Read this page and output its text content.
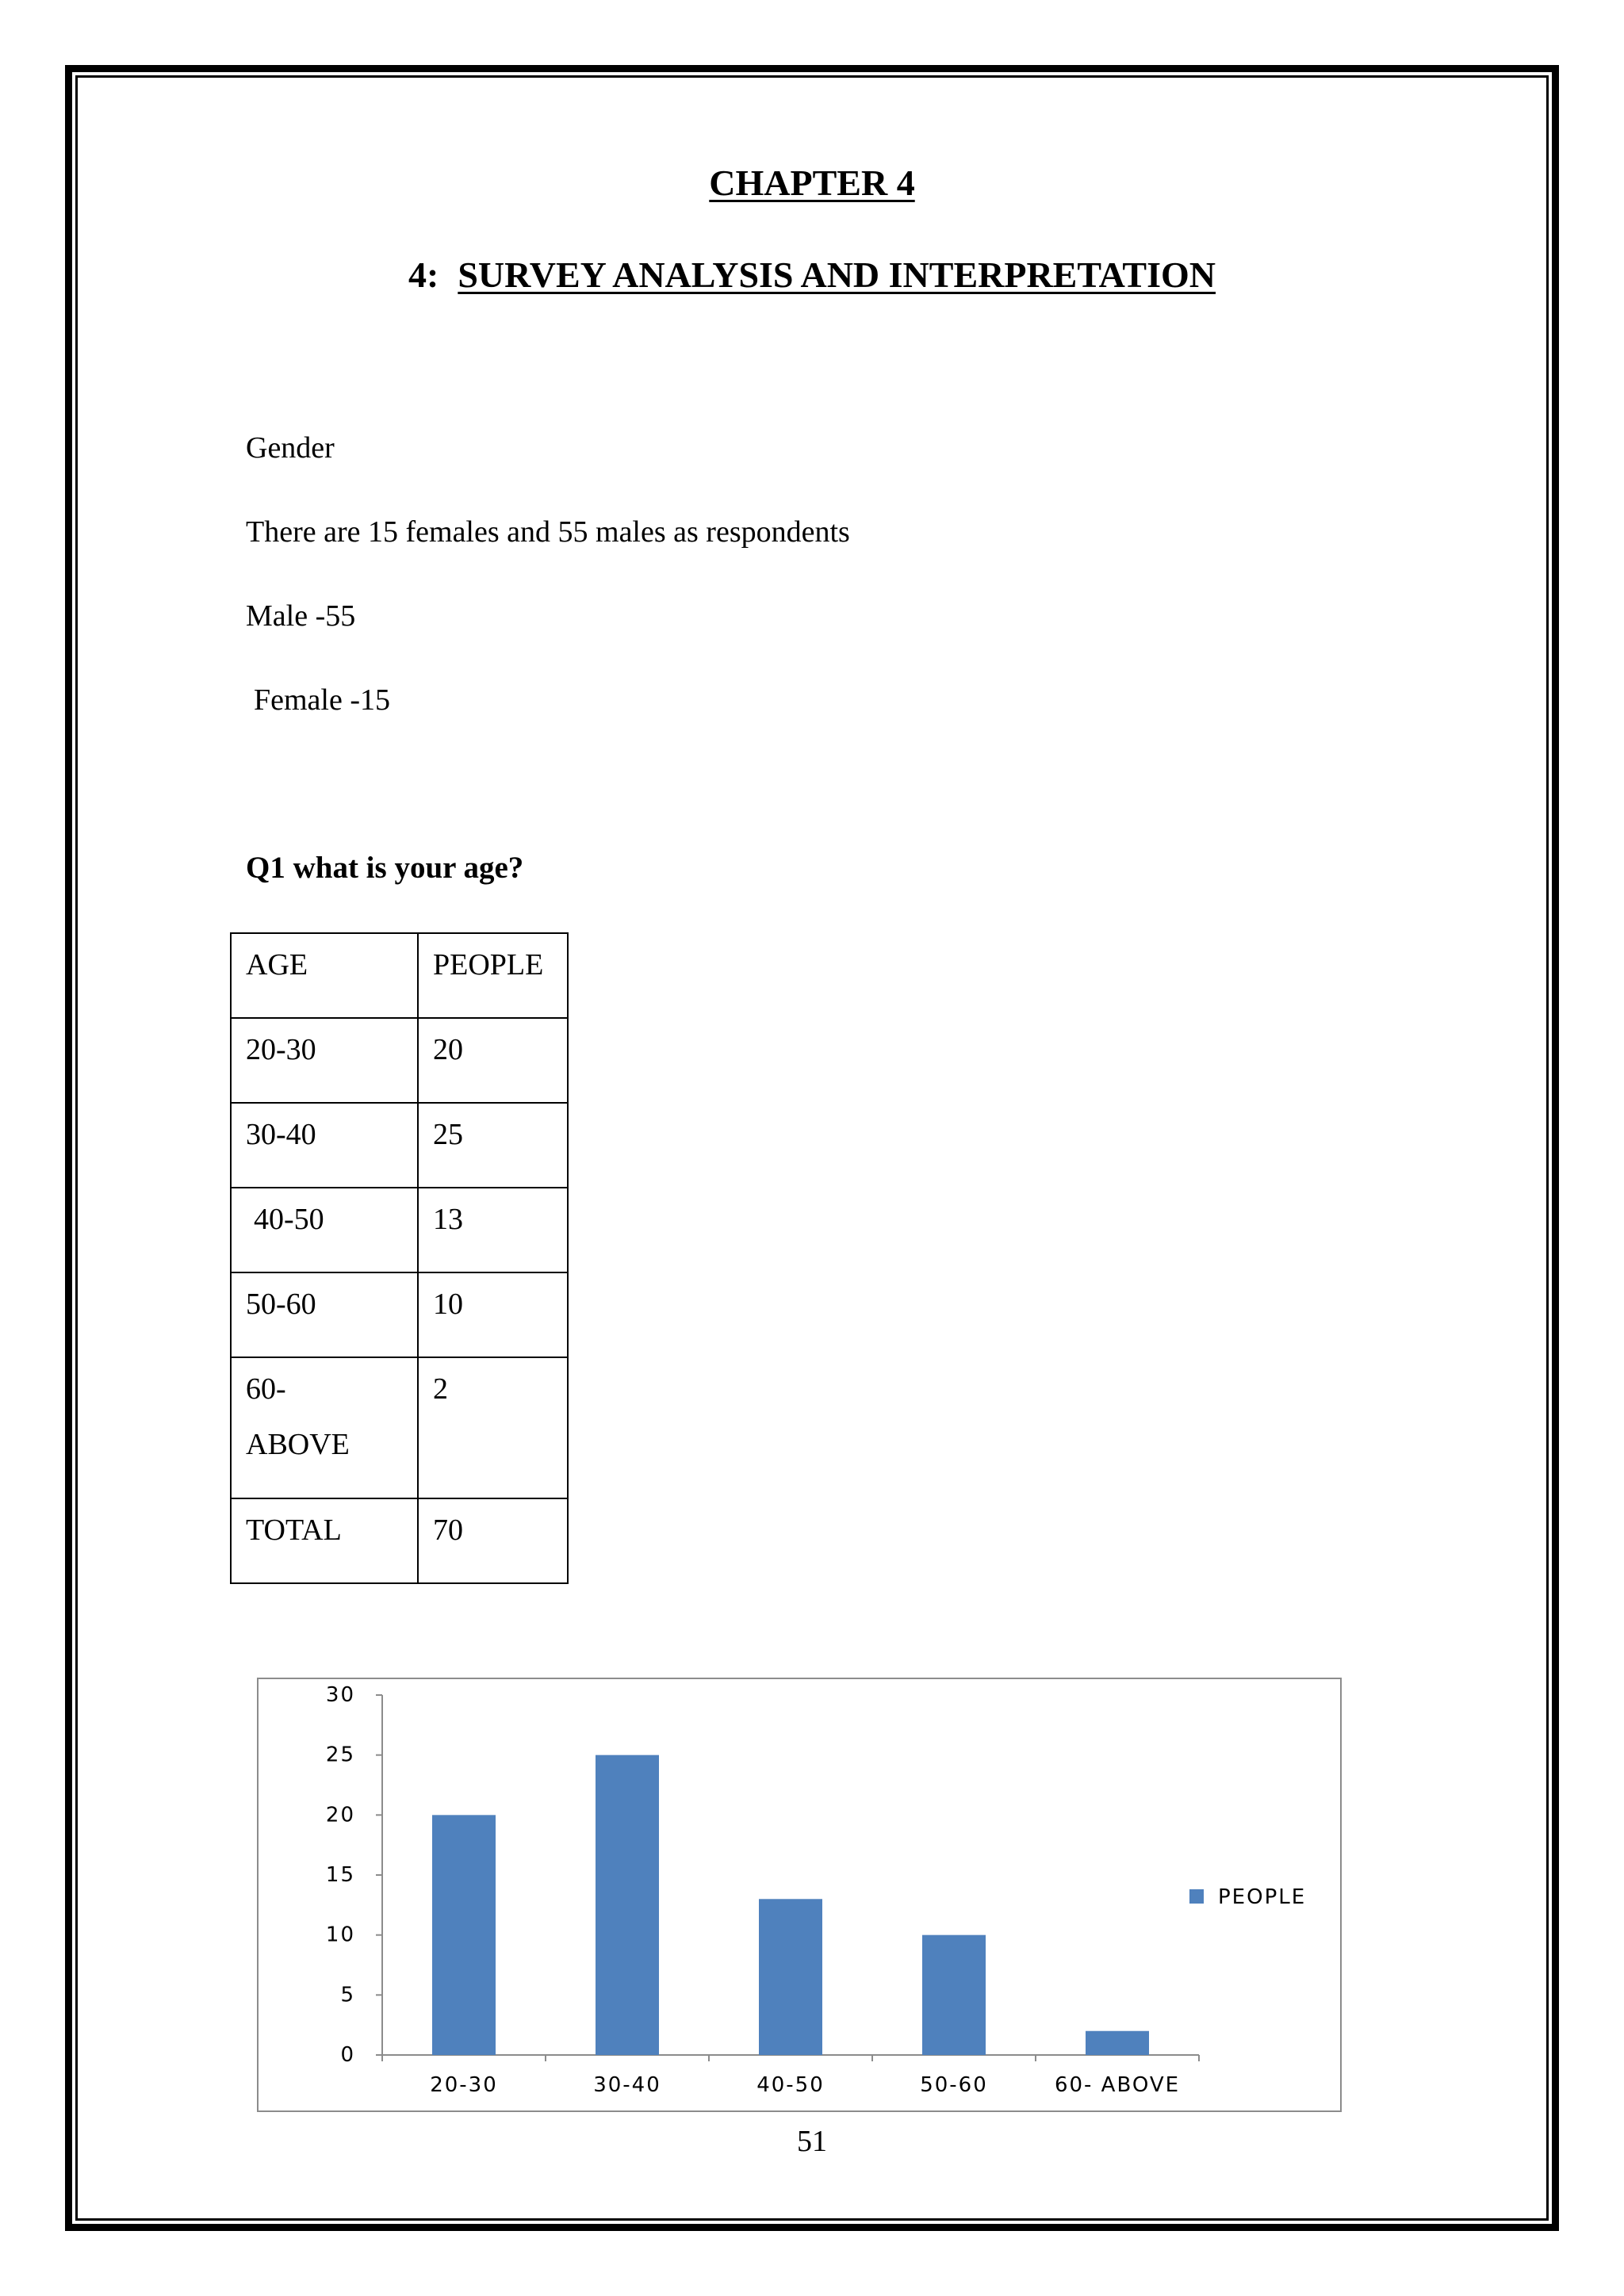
CHAPTER 4
4: SURVEY ANALYSIS AND INTERPRETATION
Gender
There are 15 females and 55 males as respondents
Male -55
Female -15
Q1 what is your age?
AGE	PEOPLE

20-30	20

30-40	25

40-50	13

50-60	10

60-
ABOVE	2

TOTAL	70
0
5
10
15
20
25
30
20-30	30-40	40-50	50-60	60- ABOVE
PEOPLE
51
